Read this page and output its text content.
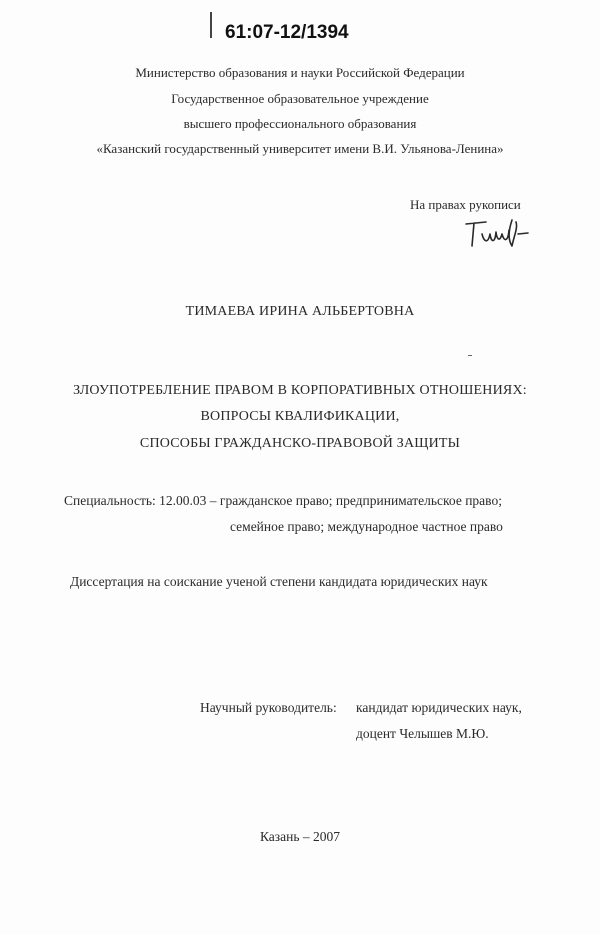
61:07-12/1394
Министерство образования и науки Российской Федерации
Государственное образовательное учреждение
высшего профессионального образования
«Казанский государственный университет имени В.И. Ульянова-Ленина»
На правах рукописи
ТИМАЕВА ИРИНА АЛЬБЕРТОВНА
ЗЛОУПОТРЕБЛЕНИЕ ПРАВОМ В КОРПОРАТИВНЫХ ОТНОШЕНИЯХ:
ВОПРОСЫ КВАЛИФИКАЦИИ,
СПОСОБЫ ГРАЖДАНСКО-ПРАВОВОЙ ЗАЩИТЫ
Специальность: 12.00.03 – гражданское право; предпринимательское право;
семейное право; международное частное право
Диссертация на соискание ученой степени кандидата юридических наук
Научный руководитель: кандидат юридических наук,
доцент Челышев М.Ю.
Казань – 2007
